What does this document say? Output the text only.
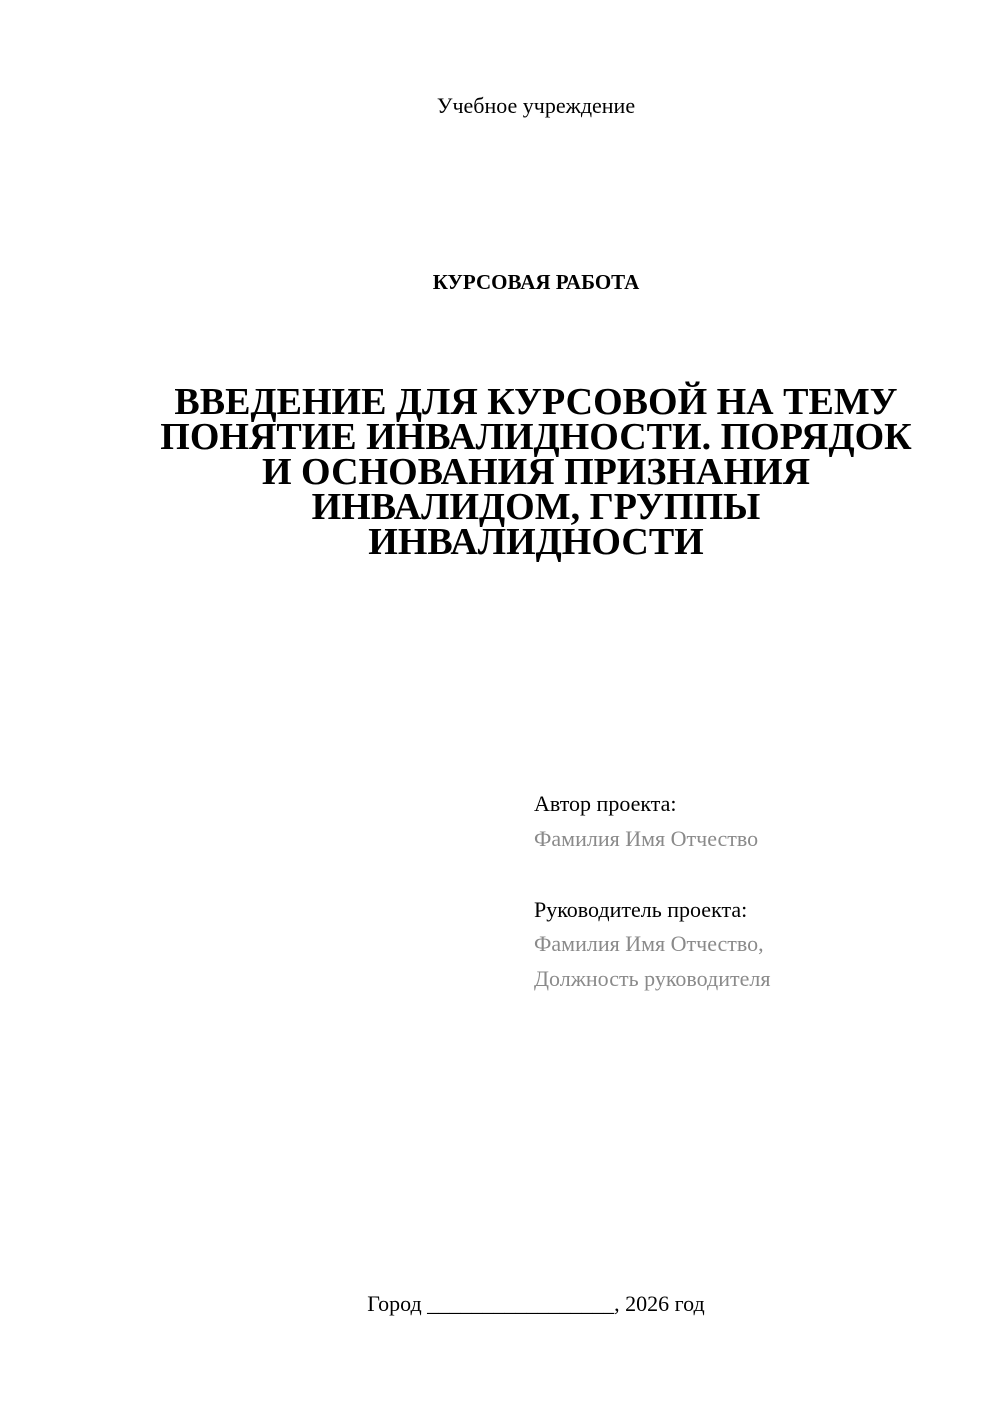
Учебное учреждение
КУРСОВАЯ РАБОТА
ВВЕДЕНИЕ ДЛЯ КУРСОВОЙ НА ТЕМУ
ПОНЯТИЕ ИНВАЛИДНОСТИ. ПОРЯДОК
И ОСНОВАНИЯ ПРИЗНАНИЯ
ИНВАЛИДОМ, ГРУППЫ
ИНВАЛИДНОСТИ
Автор проекта:
Фамилия Имя Отчество
Руководитель проекта:
Фамилия Имя Отчество,
Должность руководителя
Город _________________, 2026 год
